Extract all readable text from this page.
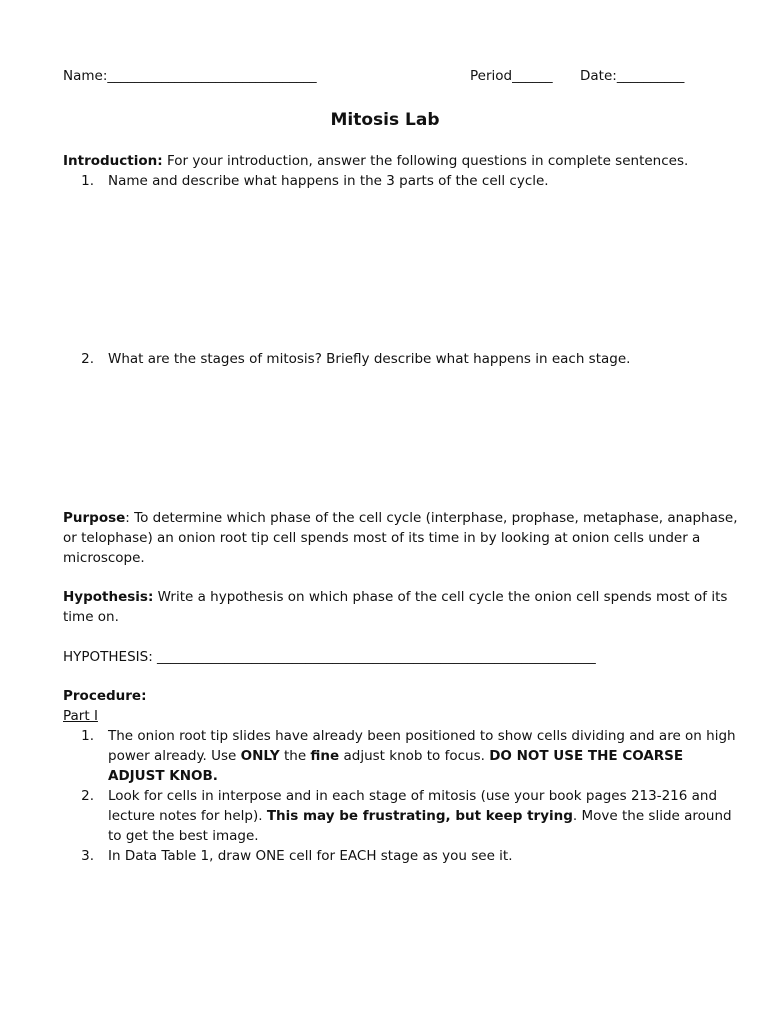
Name:_______________________________	Period______ Date:__________
Mitosis Lab
Introduction: For your introduction, answer the following questions in complete sentences.
1. Name and describe what happens in the 3 parts of the cell cycle.
2. What are the stages of mitosis? Briefly describe what happens in each stage.
Purpose: To determine which phase of the cell cycle (interphase, prophase, metaphase, anaphase,
or telophase) an onion root tip cell spends most of its time in by looking at onion cells under a
microscope.
Hypothesis: Write a hypothesis on which phase of the cell cycle the onion cell spends most of its
time on.
HYPOTHESIS: _________________________________________________________________
Procedure:
Part I
1. The onion root tip slides have already been positioned to show cells dividing and are on high
power already. Use ONLY the fine adjust knob to focus. DO NOT USE THE COARSE
ADJUST KNOB.
2. Look for cells in interpose and in each stage of mitosis (use your book pages 213-216 and
lecture notes for help). This may be frustrating, but keep trying. Move the slide around
to get the best image.
3. In Data Table 1, draw ONE cell for EACH stage as you see it.
